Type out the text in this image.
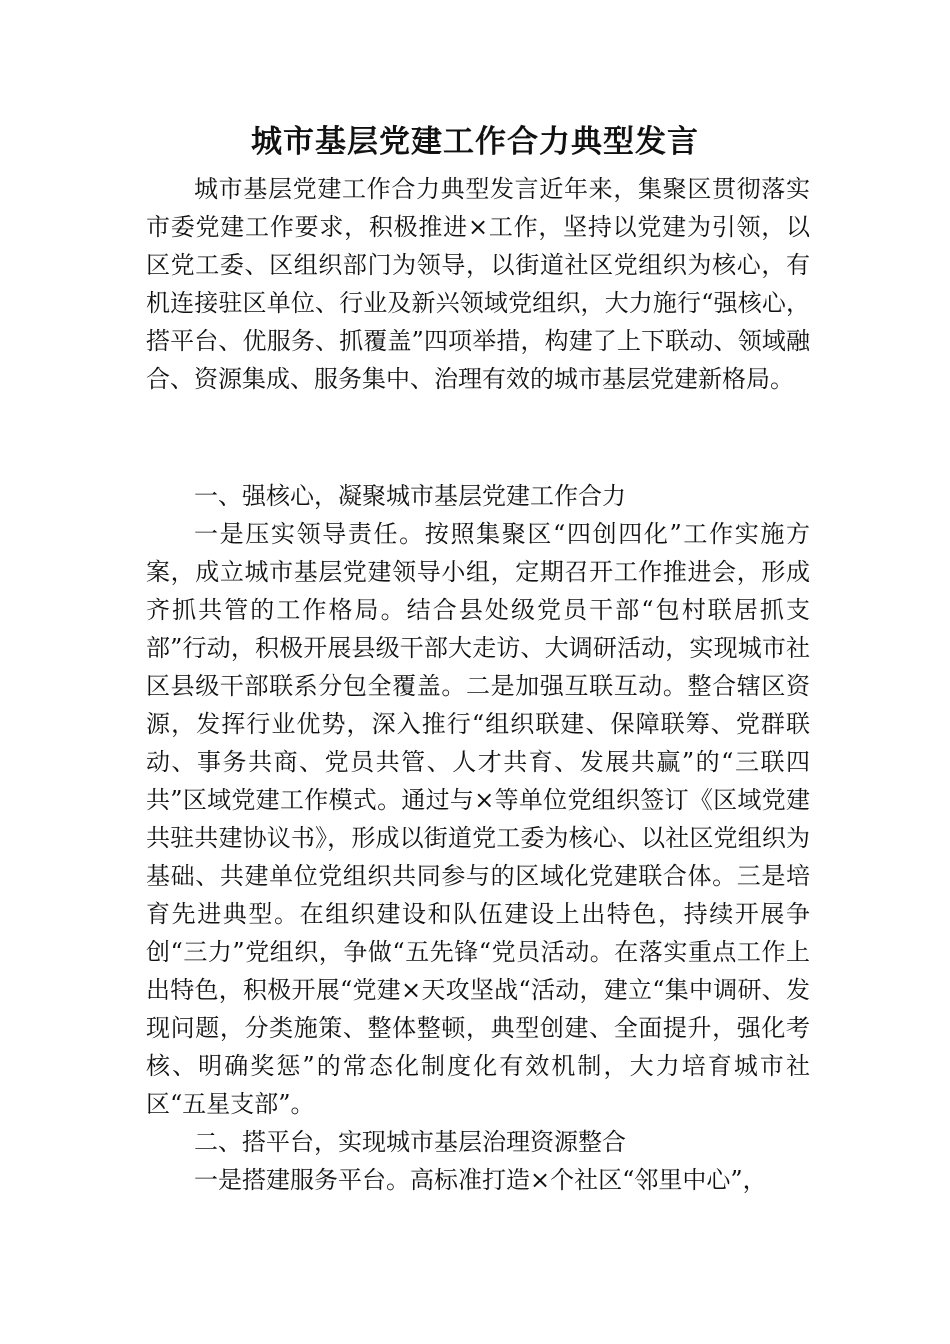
城市基层党建工作合力典型发言

城市基层党建工作合力典型发言近年来，集聚区贯彻落实市委党建工作要求，积极推进×工作，坚持以党建为引领，以区党工委、区组织部门为领导，以街道社区党组织为核心，有机连接驻区单位、行业及新兴领域党组织，大力施行“强核心，搭平台、优服务、抓覆盖”四项举措，构建了上下联动、领域融合、资源集成、服务集中、治理有效的城市基层党建新格局。

一、强核心，凝聚城市基层党建工作合力

一是压实领导责任。按照集聚区“四创四化”工作实施方案，成立城市基层党建领导小组，定期召开工作推进会，形成齐抓共管的工作格局。结合县处级党员干部“包村联居抓支部”行动，积极开展县级干部大走访、大调研活动，实现城市社区县级干部联系分包全覆盖。二是加强互联互动。整合辖区资源，发挥行业优势，深入推行“组织联建、保障联筹、党群联动、事务共商、党员共管、人才共育、发展共赢”的“三联四共”区域党建工作模式。通过与×等单位党组织签订《区域党建共驻共建协议书》，形成以街道党工委为核心、以社区党组织为基础、共建单位党组织共同参与的区域化党建联合体。三是培育先进典型。在组织建设和队伍建设上出特色，持续开展争创“三力”党组织，争做“五先锋“党员活动。在落实重点工作上出特色，积极开展“党建×天攻坚战“活动，建立“集中调研、发现问题，分类施策、整体整顿，典型创建、全面提升，强化考核、明确奖惩”的常态化制度化有效机制，大力培育城市社区“五星支部”。

二、搭平台，实现城市基层治理资源整合

一是搭建服务平台。高标准打造×个社区“邻里中心”，
